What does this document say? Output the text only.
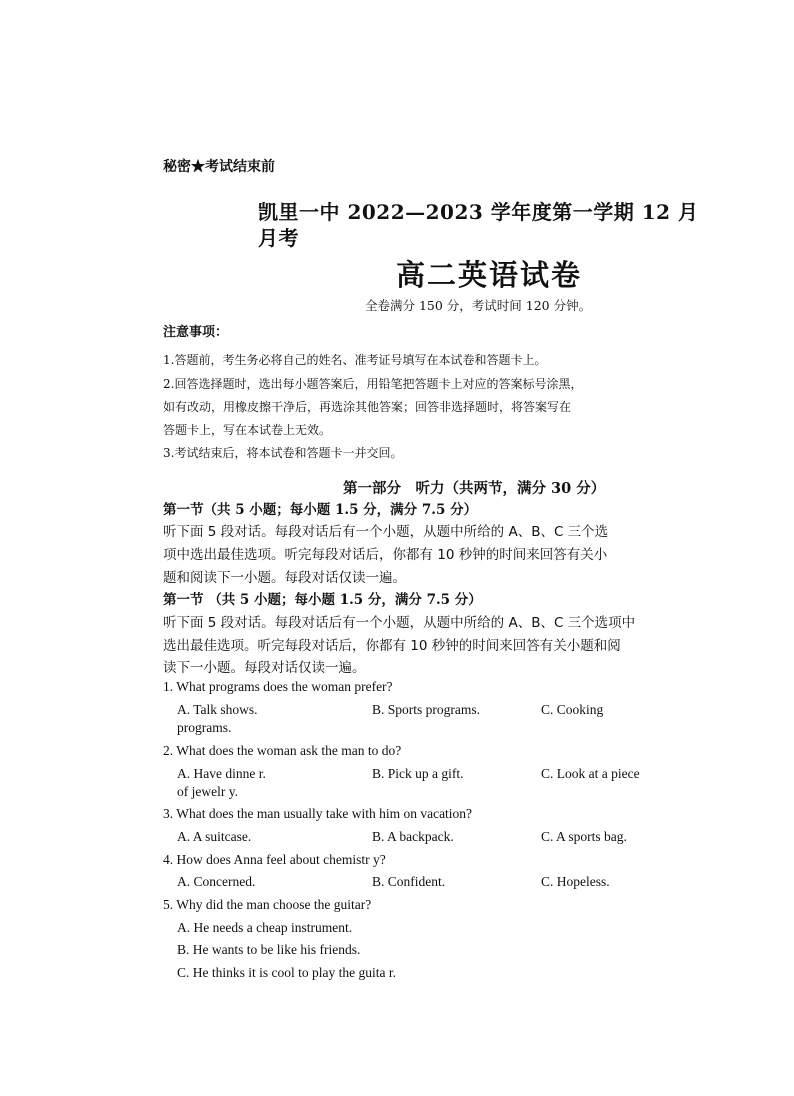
秘密★考试结束前
凯里一中 2022—2023 学年度第一学期 12 月
月考
高二英语试卷
全卷满分 150 分，考试时间 120 分钟。
注意事项：
1.答题前，考生务必将自己的姓名、准考证号填写在本试卷和答题卡上。
2.回答选择题时，选出每小题答案后，用铅笔把答题卡上对应的答案标号涂黑，
如有改动，用橡皮擦干净后，再选涂其他答案；回答非选择题时，将答案写在
答题卡上，写在本试卷上无效。
3.考试结束后，将本试卷和答题卡一并交回。
第一部分　听力（共两节，满分 30 分）
第一节（共 5 小题；每小题 1.5 分，满分 7.5 分）
听下面 5 段对话。每段对话后有一个小题，从题中所给的 A、B、C 三个选
项中选出最佳选项。听完每段对话后，你都有 10 秒钟的时间来回答有关小
题和阅读下一小题。每段对话仅读一遍。
第一节 （共 5 小题；每小题 1.5 分，满分 7.5 分）
听下面 5 段对话。每段对话后有一个小题，从题中所给的 A、B、C 三个选项中
选出最佳选项。听完每段对话后，你都有 10 秒钟的时间来回答有关小题和阅
读下一小题。每段对话仅读一遍。
1. What programs does the woman prefer?
A. Talk shows.	B. Sports programs.	C. Cooking
programs.
2. What does the woman ask the man to do?
A. Have dinne r.	B. Pick up a gift.	C. Look at a piece
of jewelr y.
3. What does the man usually take with him on vacation?
A. A suitcase.	B. A backpack.	C. A sports bag.
4. How does Anna feel about chemistr y?
A. Concerned.	B. Confident.	C. Hopeless.
5. Why did the man choose the guitar?
A. He needs a cheap instrument.
B. He wants to be like his friends.
C. He thinks it is cool to play the guita r.
